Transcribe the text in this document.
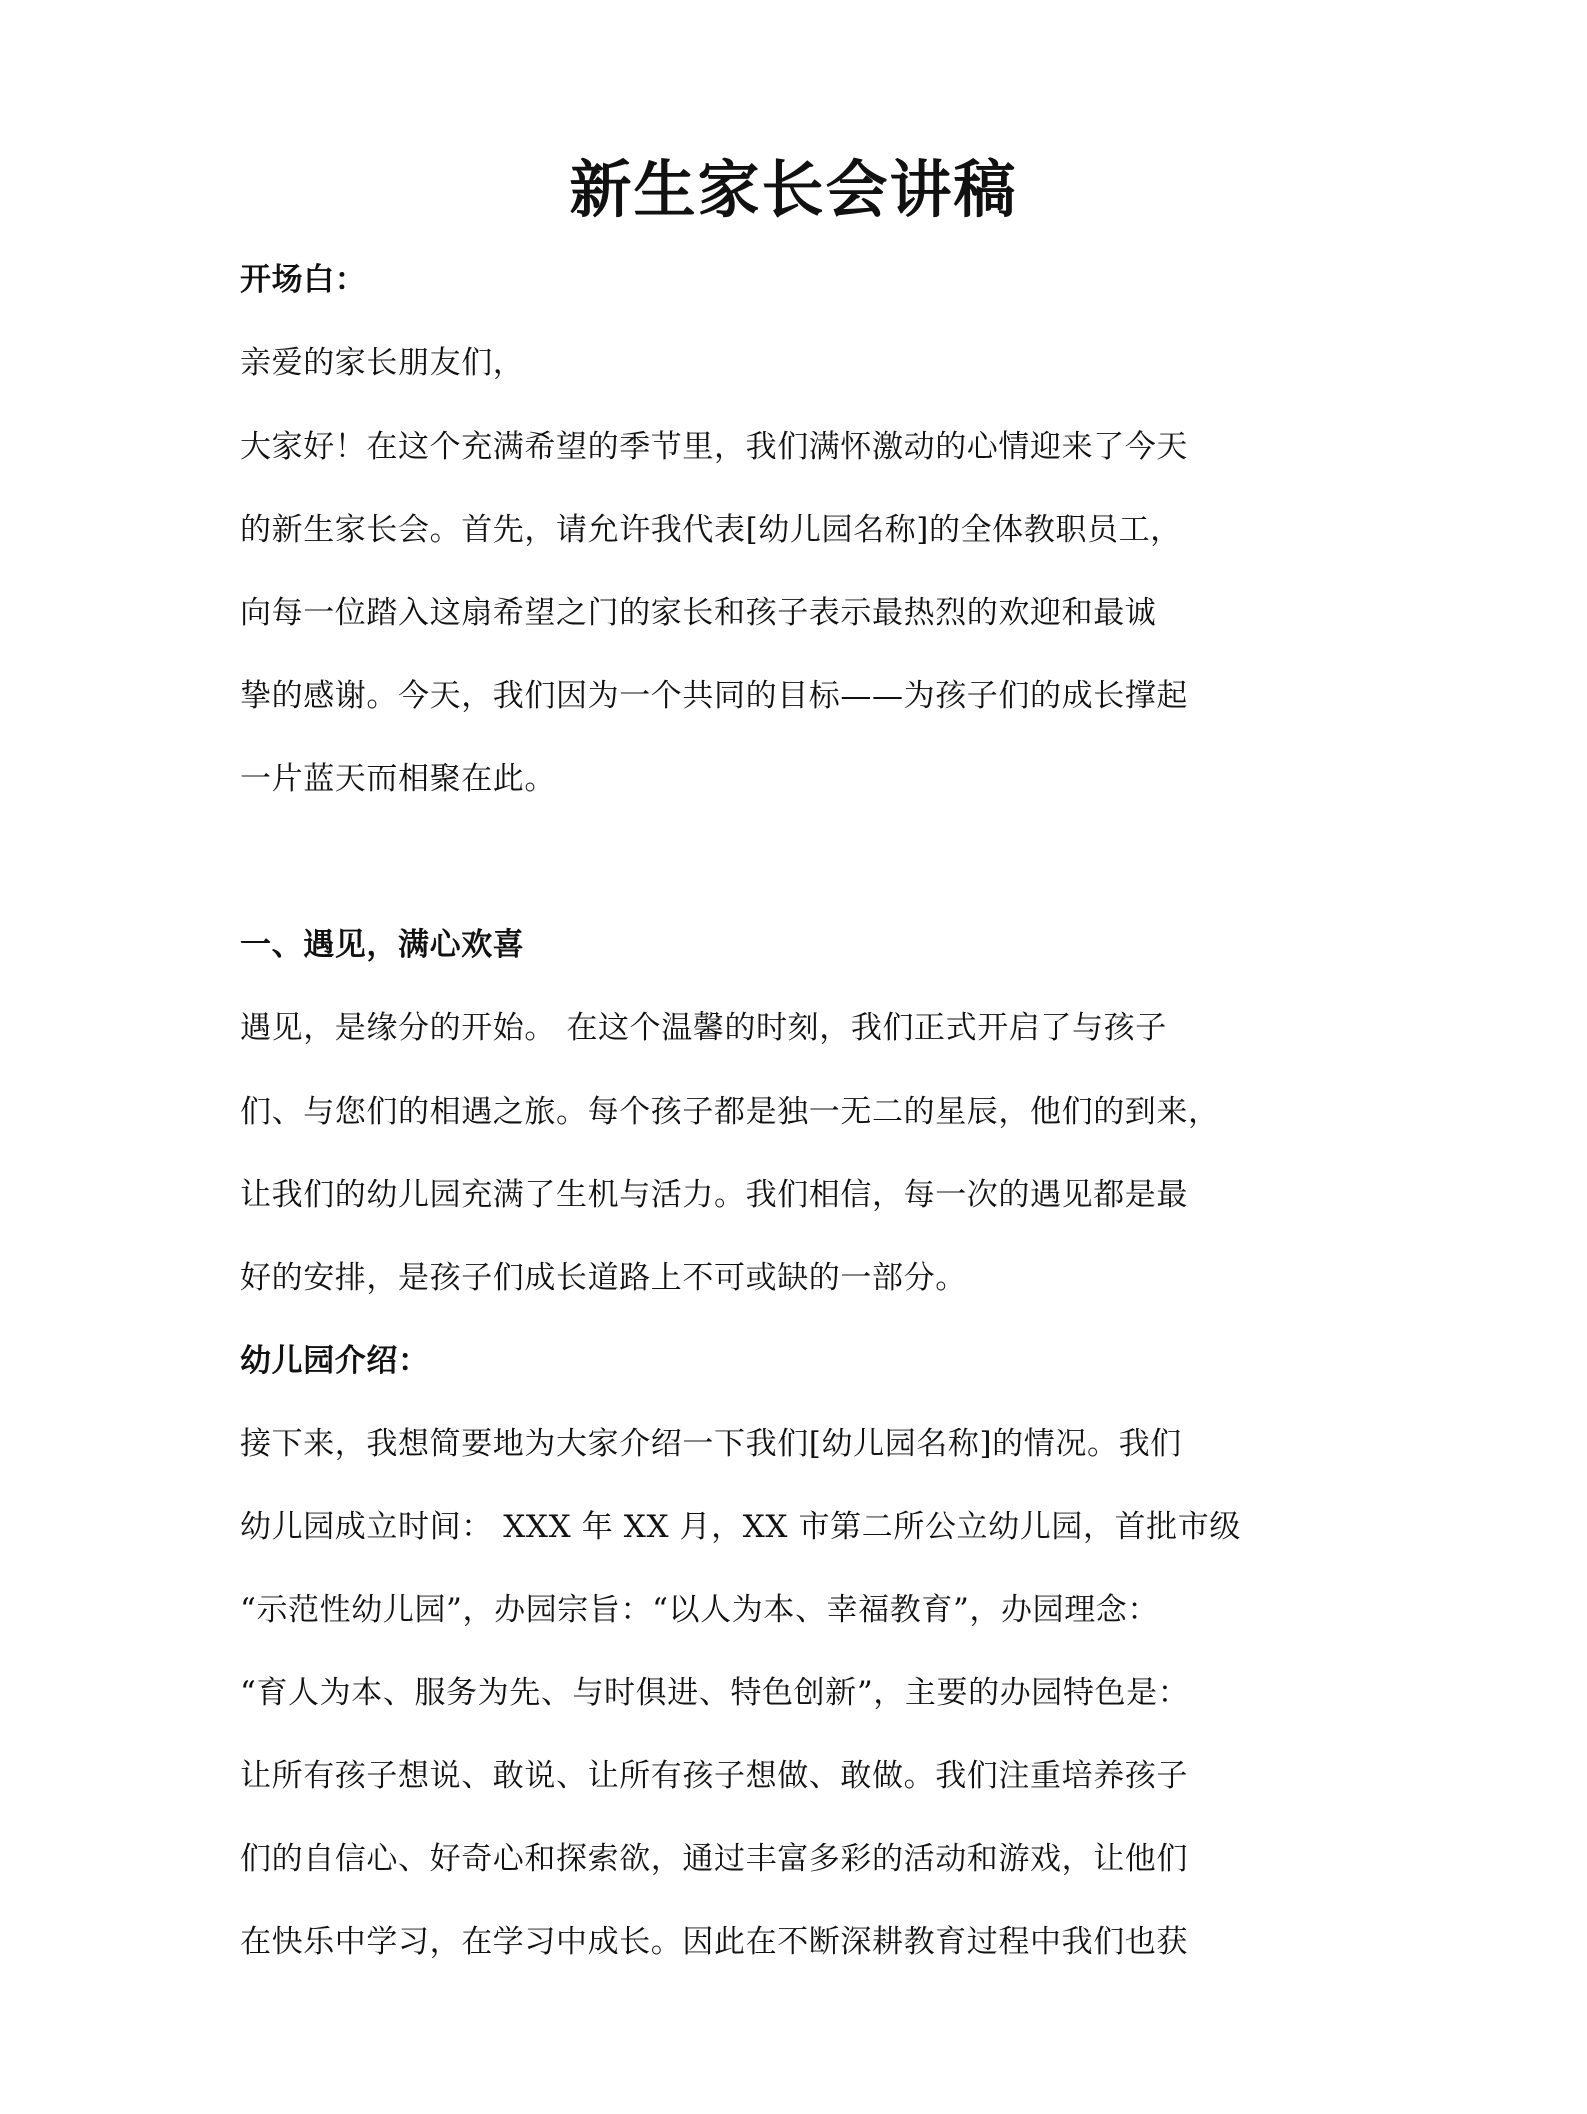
新生家长会讲稿
开场白：
亲爱的家长朋友们，
大家好！在这个充满希望的季节里，我们满怀激动的心情迎来了今天
的新生家长会。首先，请允许我代表[幼儿园名称]的全体教职员工，
向每一位踏入这扇希望之门的家长和孩子表示最热烈的欢迎和最诚
挚的感谢。今天，我们因为一个共同的目标——为孩子们的成长撑起
一片蓝天而相聚在此。
一、遇见，满心欢喜
遇见，是缘分的开始。 在这个温馨的时刻，我们正式开启了与孩子
们、与您们的相遇之旅。每个孩子都是独一无二的星辰，他们的到来，
让我们的幼儿园充满了生机与活力。我们相信，每一次的遇见都是最
好的安排，是孩子们成长道路上不可或缺的一部分。
幼儿园介绍：
接下来，我想简要地为大家介绍一下我们[幼儿园名称]的情况。我们
幼儿园成立时间： XXX 年 XX 月，XX 市第二所公立幼儿园，首批市级
“示范性幼儿园”，办园宗旨：“以人为本、幸福教育”，办园理念：
“育人为本、服务为先、与时俱进、特色创新”，主要的办园特色是：
让所有孩子想说、敢说、让所有孩子想做、敢做。我们注重培养孩子
们的自信心、好奇心和探索欲，通过丰富多彩的活动和游戏，让他们
在快乐中学习，在学习中成长。因此在不断深耕教育过程中我们也获
